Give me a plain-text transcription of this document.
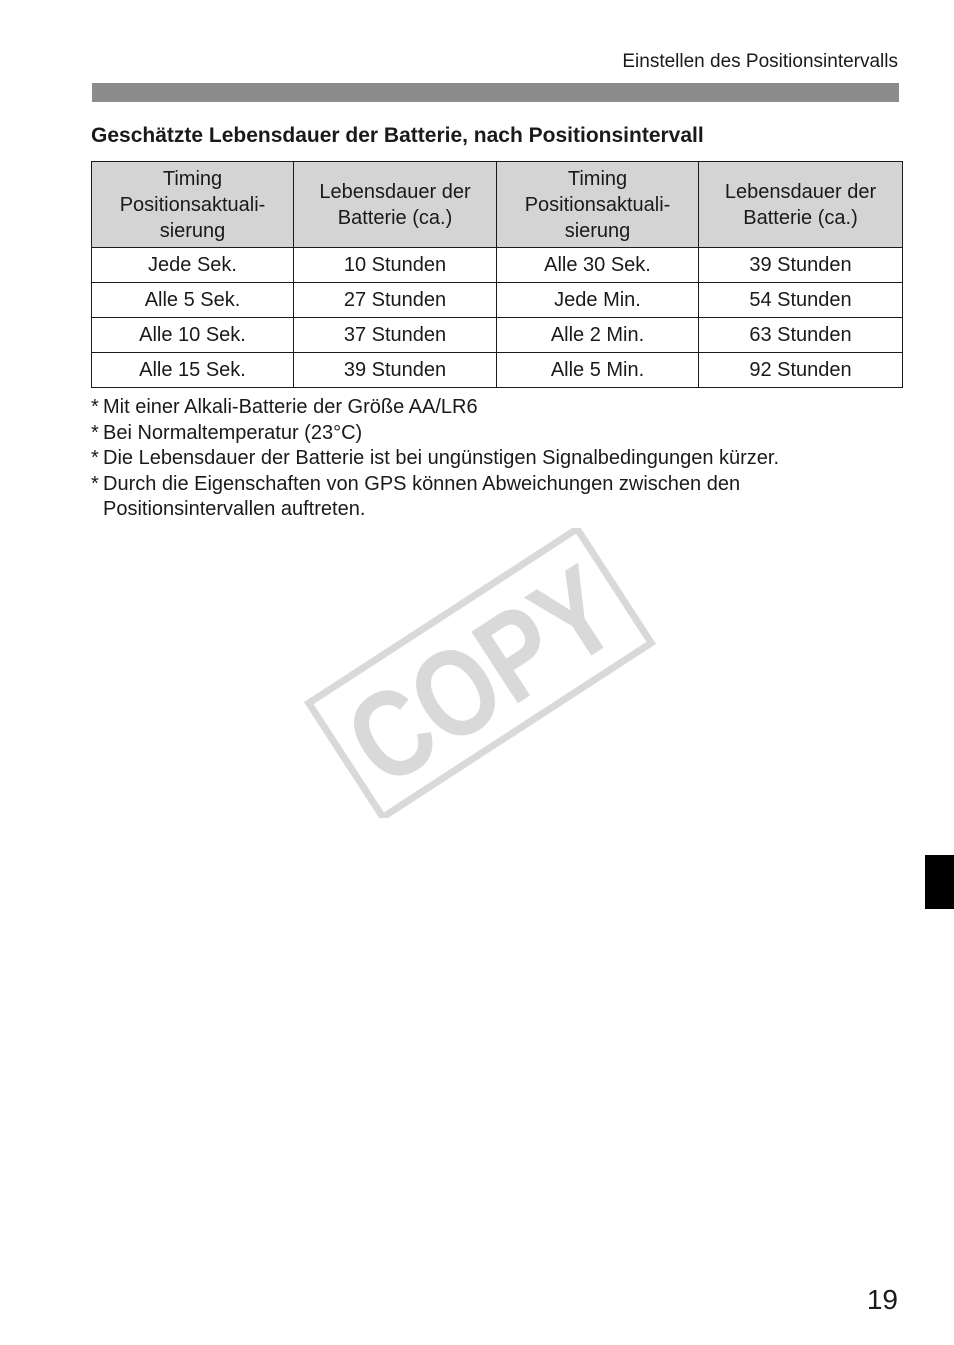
Einstellen des Positionsintervalls
Geschätzte Lebensdauer der Batterie, nach Positionsintervall
Timing Positionsaktuali-sierung	Lebensdauer der Batterie (ca.)	Timing Positionsaktuali-sierung	Lebensdauer der Batterie (ca.)
Jede Sek.	10 Stunden	Alle 30 Sek.	39 Stunden
Alle 5 Sek.	27 Stunden	Jede Min.	54 Stunden
Alle 10 Sek.	37 Stunden	Alle 2 Min.	63 Stunden
Alle 15 Sek.	39 Stunden	Alle 5 Min.	92 Stunden
* Mit einer Alkali-Batterie der Größe AA/LR6
* Bei Normaltemperatur (23°C)
* Die Lebensdauer der Batterie ist bei ungünstigen Signalbedingungen kürzer.
* Durch die Eigenschaften von GPS können Abweichungen zwischen den Positionsintervallen auftreten.
COPY
19
